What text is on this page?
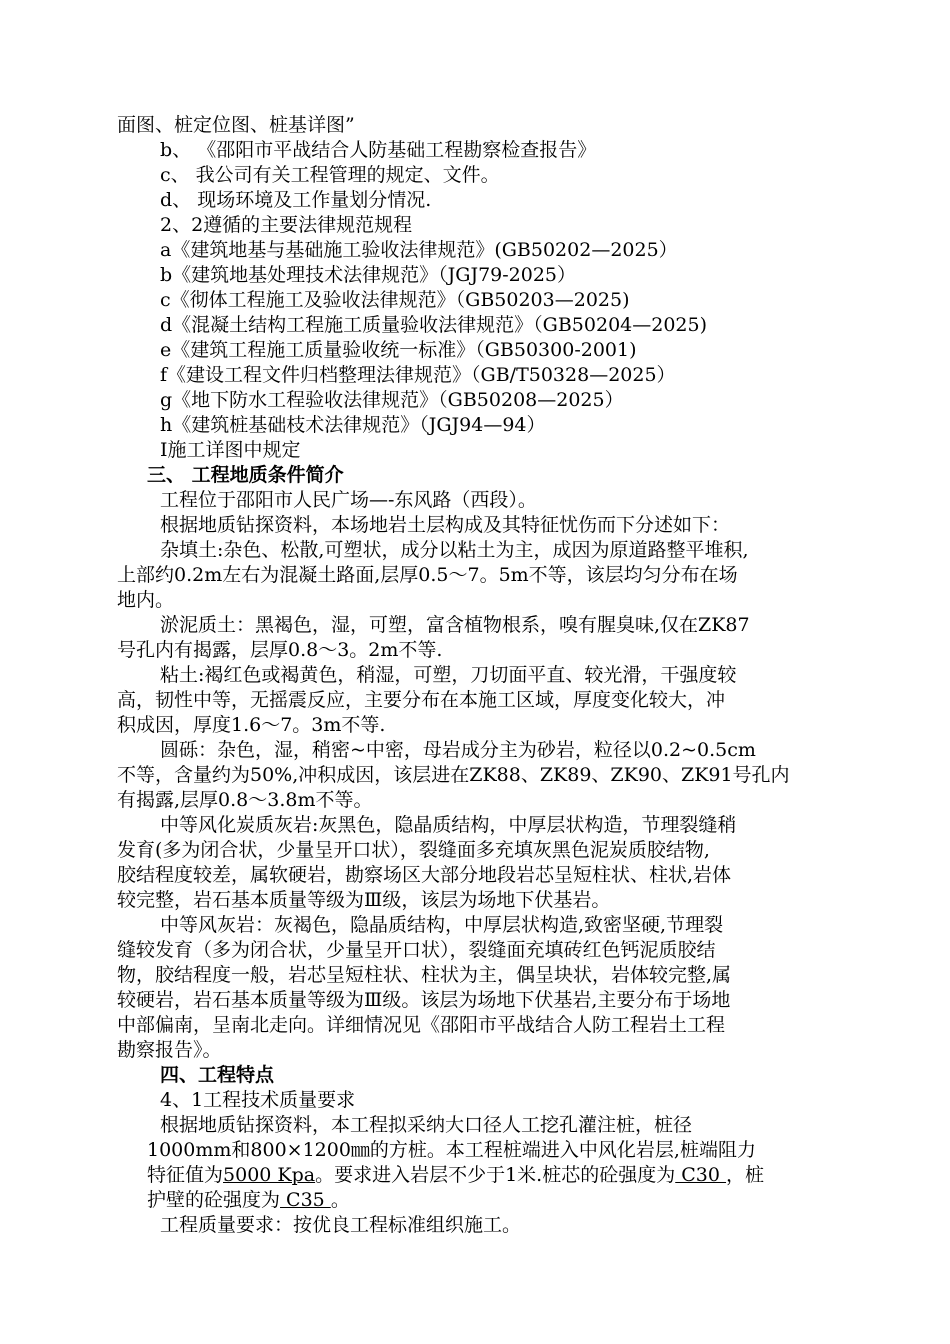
面图、桩定位图、桩基详图”
b、 《邵阳市平战结合人防基础工程勘察检查报告》
c、 我公司有关工程管理的规定、文件。
d、 现场环境及工作量划分情况.
2、2遵循的主要法律规范规程
a《建筑地基与基础施工验收法律规范》(GB50202—2025）
b《建筑地基处理技术法律规范》（JGJ79-2025）
c《彻体工程施工及验收法律规范》（GB50203—2025)
d《混凝土结构工程施工质量验收法律规范》（GB50204—2025)
e《建筑工程施工质量验收统一标准》（GB50300-2001)
f《建设工程文件归档整理法律规范》（GB/T50328—2025）
g《地下防水工程验收法律规范》（GB50208—2025）
h《建筑桩基础枝术法律规范》（JGJ94—94）
I施工详图中规定
三、 工程地质条件简介
工程位于邵阳市人民广场—-东风路（西段）。
根据地质钻探资料，本场地岩土层构成及其特征忧伤而下分述如下：
杂填土:杂色、松散,可塑状，成分以粘土为主，成因为原道路整平堆积,
上部约0.2m左右为混凝土路面,层厚0.5～7。5m不等，该层均匀分布在场
地内。
淤泥质土：黑褐色，湿，可塑，富含植物根系，嗅有腥臭味,仅在ZK87
号孔内有揭露，层厚0.8～3。2m不等.
粘土:褐红色或褐黄色，稍湿，可塑，刀切面平直、较光滑，干强度较
高，韧性中等，无摇震反应，主要分布在本施工区域，厚度变化较大，冲
积成因，厚度1.6～7。3m不等.
圆砾：杂色，湿，稍密~中密，母岩成分主为砂岩，粒径以0.2~0.5cm
不等，含量约为50%,冲积成因，该层进在ZK88、ZK89、ZK90、ZK91号孔内
有揭露,层厚0.8～3.8m不等。
中等风化炭质灰岩:灰黑色，隐晶质结构，中厚层状构造，节理裂缝稍
发育(多为闭合状，少量呈开口状），裂缝面多充填灰黑色泥炭质胶结物,
胶结程度较差，属软硬岩，勘察场区大部分地段岩芯呈短柱状、柱状,岩体
较完整，岩石基本质量等级为Ⅲ级，该层为场地下伏基岩。
中等风灰岩：灰褐色，隐晶质结构，中厚层状构造,致密坚硬,节理裂
缝较发育（多为闭合状，少量呈开口状），裂缝面充填砖红色钙泥质胶结
物，胶结程度一般，岩芯呈短柱状、柱状为主，偶呈块状，岩体较完整,属
较硬岩，岩石基本质量等级为Ⅲ级。该层为场地下伏基岩,主要分布于场地
中部偏南，呈南北走向。详细情况见《邵阳市平战结合人防工程岩土工程
勘察报告》。
四、工程特点
4、1工程技术质量要求
根据地质钻探资料，本工程拟采纳大口径人工挖孔灌注桩，桩径
1000mm和800×1200㎜的方桩。本工程桩端进入中风化岩层,桩端阻力
特征值为5000 Kpa。要求进入岩层不少于1米.桩芯的砼强度为 C30 ，桩
护壁的砼强度为 C35 。
工程质量要求：按优良工程标准组织施工。
